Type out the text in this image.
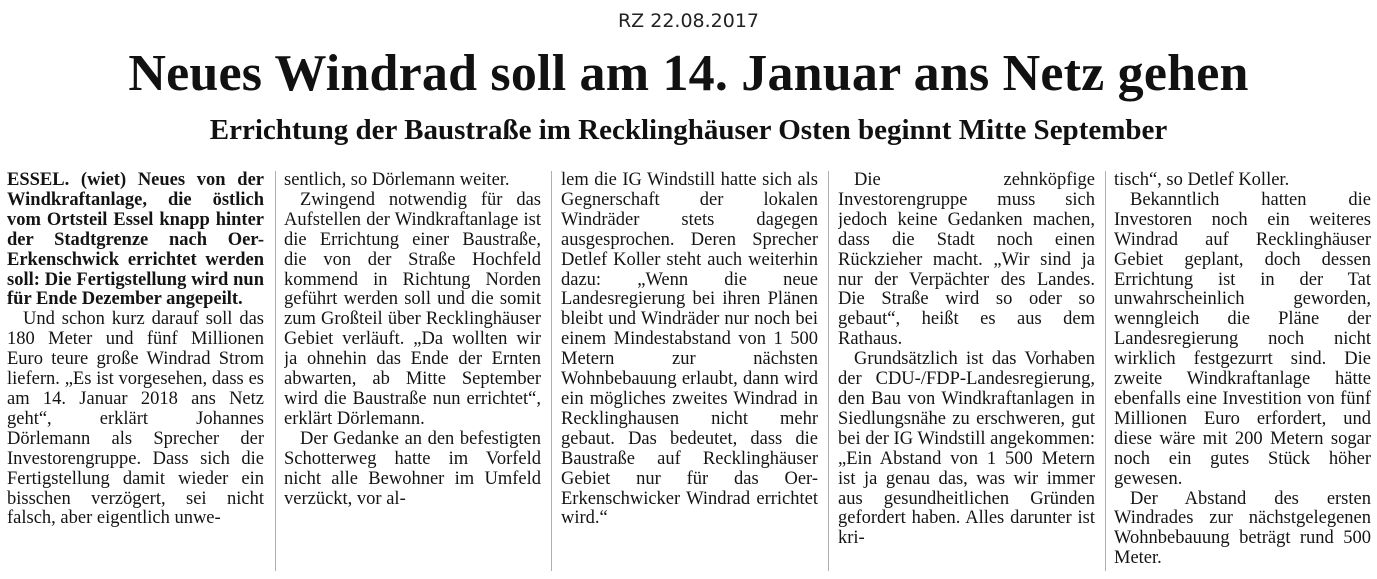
RZ 22.08.2017
Neues Windrad soll am 14. Januar ans Netz gehen
Errichtung der Baustraße im Recklinghäuser Osten beginnt Mitte September

ESSEL. (wiet) Neues von der Windkraftanlage, die östlich vom Ortsteil Essel knapp hinter der Stadtgrenze nach Oer-Erkenschwick errichtet werden soll: Die Fertigstellung wird nun für Ende Dezember angepeilt.

Und schon kurz darauf soll das 180 Meter und fünf Millionen Euro teure große Windrad Strom liefern. „Es ist vorgesehen, dass es am 14. Januar 2018 ans Netz geht“, erklärt Johannes Dörlemann als Sprecher der Investorengruppe. Dass sich die Fertigstellung damit wieder ein bisschen verzögert, sei nicht falsch, aber eigentlich unwe-

sentlich, so Dörlemann weiter.

Zwingend notwendig für das Aufstellen der Windkraftanlage ist die Errichtung einer Baustraße, die von der Straße Hochfeld kommend in Richtung Norden geführt werden soll und die somit zum Großteil über Recklinghäuser Gebiet verläuft. „Da wollten wir ja ohnehin das Ende der Ernten abwarten, ab Mitte September wird die Baustraße nun errichtet“, erklärt Dörlemann.

Der Gedanke an den befestigten Schotterweg hatte im Vorfeld nicht alle Bewohner im Umfeld verzückt, vor al-

lem die IG Windstill hatte sich als Gegnerschaft der lokalen Windräder stets dagegen ausgesprochen. Deren Sprecher Detlef Koller steht auch weiterhin dazu: „Wenn die neue Landesregierung bei ihren Plänen bleibt und Windräder nur noch bei einem Mindestabstand von 1 500 Metern zur nächsten Wohnbebauung erlaubt, dann wird ein mögliches zweites Windrad in Recklinghausen nicht mehr gebaut. Das bedeutet, dass die Baustraße auf Recklinghäuser Gebiet nur für das Oer-Erkenschwicker Windrad errichtet wird.“

Die zehnköpfige Investorengruppe muss sich jedoch keine Gedanken machen, dass die Stadt noch einen Rückzieher macht. „Wir sind ja nur der Verpächter des Landes. Die Straße wird so oder so gebaut“, heißt es aus dem Rathaus.

Grundsätzlich ist das Vorhaben der CDU-/FDP-Landesregierung, den Bau von Windkraftanlagen in Siedlungsnähe zu erschweren, gut bei der IG Windstill angekommen: „Ein Abstand von 1 500 Metern ist ja genau das, was wir immer aus gesundheitlichen Gründen gefordert haben. Alles darunter ist kri-

tisch“, so Detlef Koller.

Bekanntlich hatten die Investoren noch ein weiteres Windrad auf Recklinghäuser Gebiet geplant, doch dessen Errichtung ist in der Tat unwahrscheinlich geworden, wenngleich die Pläne der Landesregierung noch nicht wirklich festgezurrt sind. Die zweite Windkraftanlage hätte ebenfalls eine Investition von fünf Millionen Euro erfordert, und diese wäre mit 200 Metern sogar noch ein gutes Stück höher gewesen.

Der Abstand des ersten Windrades zur nächstgelegenen Wohnbebauung beträgt rund 500 Meter.
